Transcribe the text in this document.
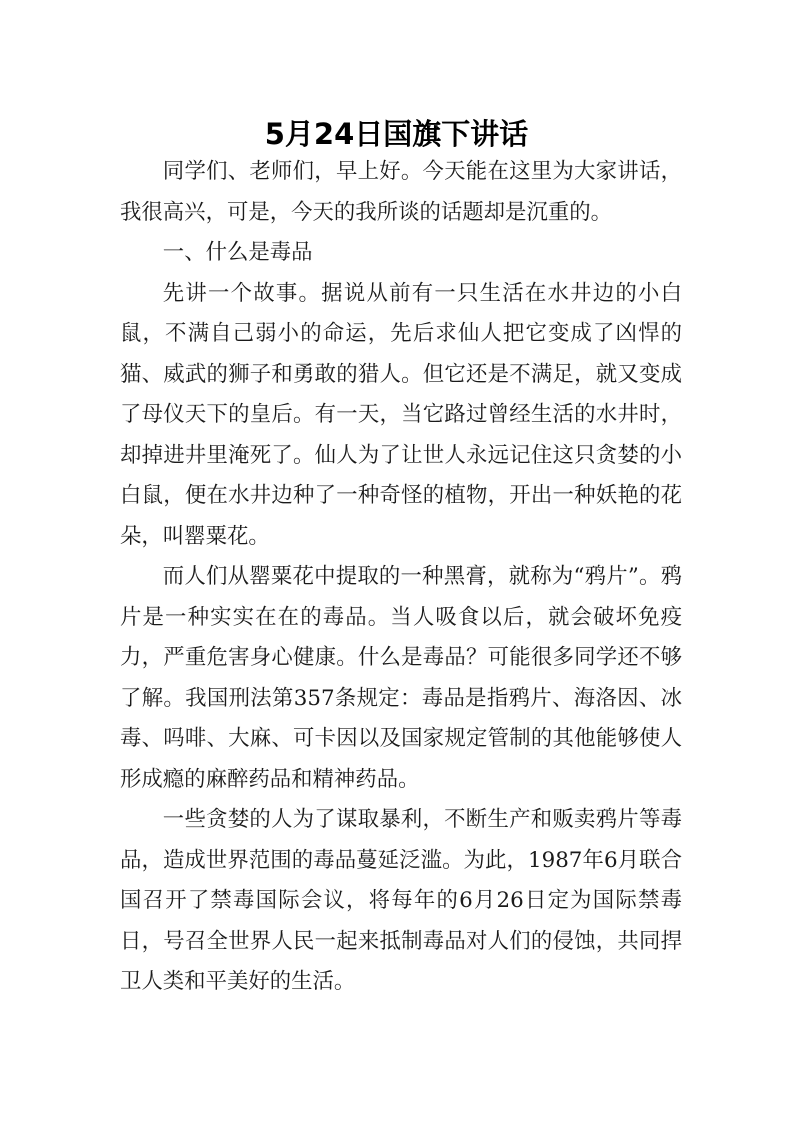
5月24日国旗下讲话

同学们、老师们，早上好。今天能在这里为大家讲话，我很高兴，可是，今天的我所谈的话题却是沉重的。

一、什么是毒品

先讲一个故事。据说从前有一只生活在水井边的小白鼠，不满自己弱小的命运，先后求仙人把它变成了凶悍的猫、威武的狮子和勇敢的猎人。但它还是不满足，就又变成了母仪天下的皇后。有一天，当它路过曾经生活的水井时，却掉进井里淹死了。仙人为了让世人永远记住这只贪婪的小白鼠，便在水井边种了一种奇怪的植物，开出一种妖艳的花朵，叫罂粟花。

而人们从罂粟花中提取的一种黑膏，就称为“鸦片”。鸦片是一种实实在在的毒品。当人吸食以后，就会破坏免疫力，严重危害身心健康。什么是毒品？可能很多同学还不够了解。我国刑法第357条规定：毒品是指鸦片、海洛因、冰毒、吗啡、大麻、可卡因以及国家规定管制的其他能够使人形成瘾的麻醉药品和精神药品。

一些贪婪的人为了谋取暴利，不断生产和贩卖鸦片等毒品，造成世界范围的毒品蔓延泛滥。为此，1987年6月联合国召开了禁毒国际会议，将每年的6月26日定为国际禁毒日，号召全世界人民一起来抵制毒品对人们的侵蚀，共同捍卫人类和平美好的生活。
